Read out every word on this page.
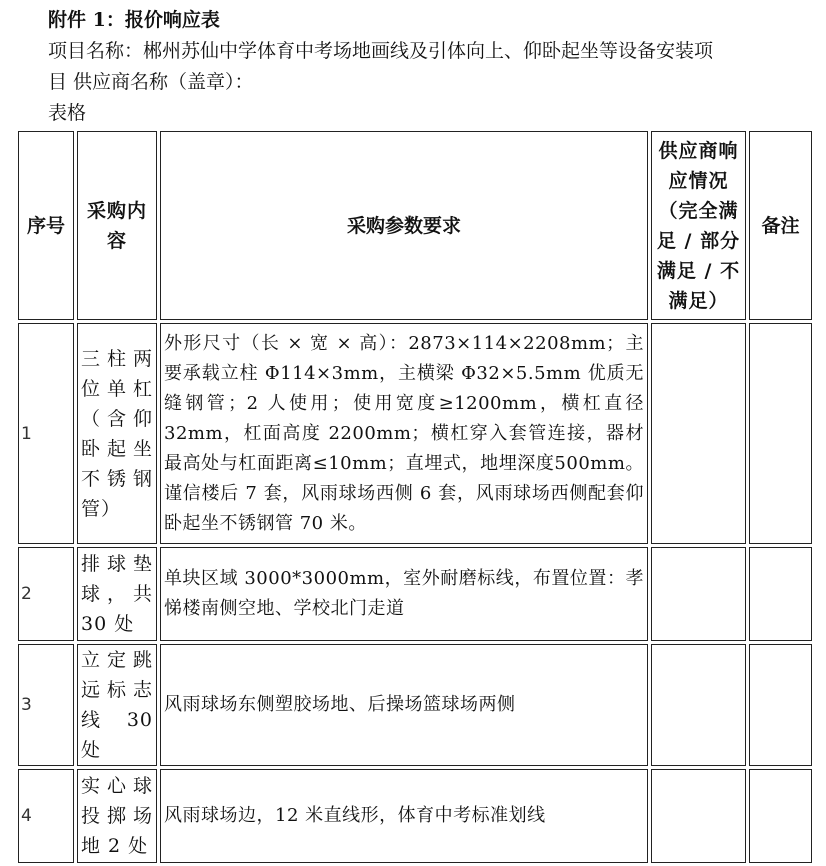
附件 1：报价响应表
项目名称：郴州苏仙中学体育中考场地画线及引体向上、仰卧起坐等设备安装项
目 供应商名称（盖章）：
表格
序号	采购内容	采购参数要求	供应商响应情况（完全满足 / 部分满足 / 不满足）	备注
1	三柱两位单杠（含仰卧起坐不锈钢管）	外形尺寸（长 × 宽 × 高）：2873×114×2208mm；主要承载立柱 Φ114×3mm，主横梁 Φ32×5.5mm 优质无缝钢管；2 人使用；使用宽度≥1200mm，横杠直径 32mm，杠面高度 2200mm；横杠穿入套管连接，器材最高处与杠面距离≤10mm；直埋式，地埋深度500mm。谨信楼后 7 套，风雨球场西侧 6 套，风雨球场西侧配套仰卧起坐不锈钢管 70 米。		
2	排球垫球，共30 处	单块区域 3000*3000mm，室外耐磨标线，布置位置：孝悌楼南侧空地、学校北门走道		
3	立定跳远标志线 30 处	风雨球场东侧塑胶场地、后操场篮球场两侧		
4	实心球投掷场地 2 处	风雨球场边，12 米直线形，体育中考标准划线		
